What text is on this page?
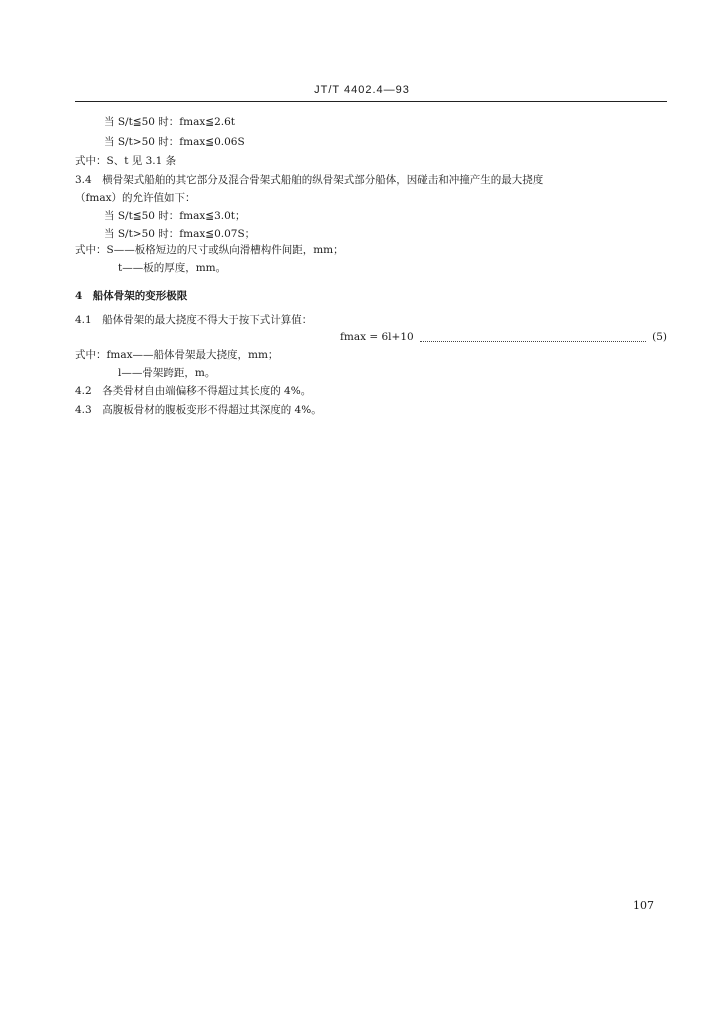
JT/T 4402.4—93
当 S/t≦50 时：fmax≦2.6t
当 S/t>50 时：fmax≦0.06S
式中：S、t 见 3.1 条
3.4　横骨架式船舶的其它部分及混合骨架式船舶的纵骨架式部分船体，因碰击和冲撞产生的最大挠度
（fmax）的允许值如下：
当 S/t≦50 时：fmax≦3.0t；
当 S/t>50 时：fmax≦0.07S；
式中：S——板格短边的尺寸或纵向滑槽构件间距，mm；
t——板的厚度，mm。
4　船体骨架的变形极限
4.1　船体骨架的最大挠度不得大于按下式计算值：
fmax = 6l+10	(5)
式中：fmax——船体骨架最大挠度，mm；
l——骨架跨距，m。
4.2　各类骨材自由端偏移不得超过其长度的 4%。
4.3　高腹板骨材的腹板变形不得超过其深度的 4%。
107
